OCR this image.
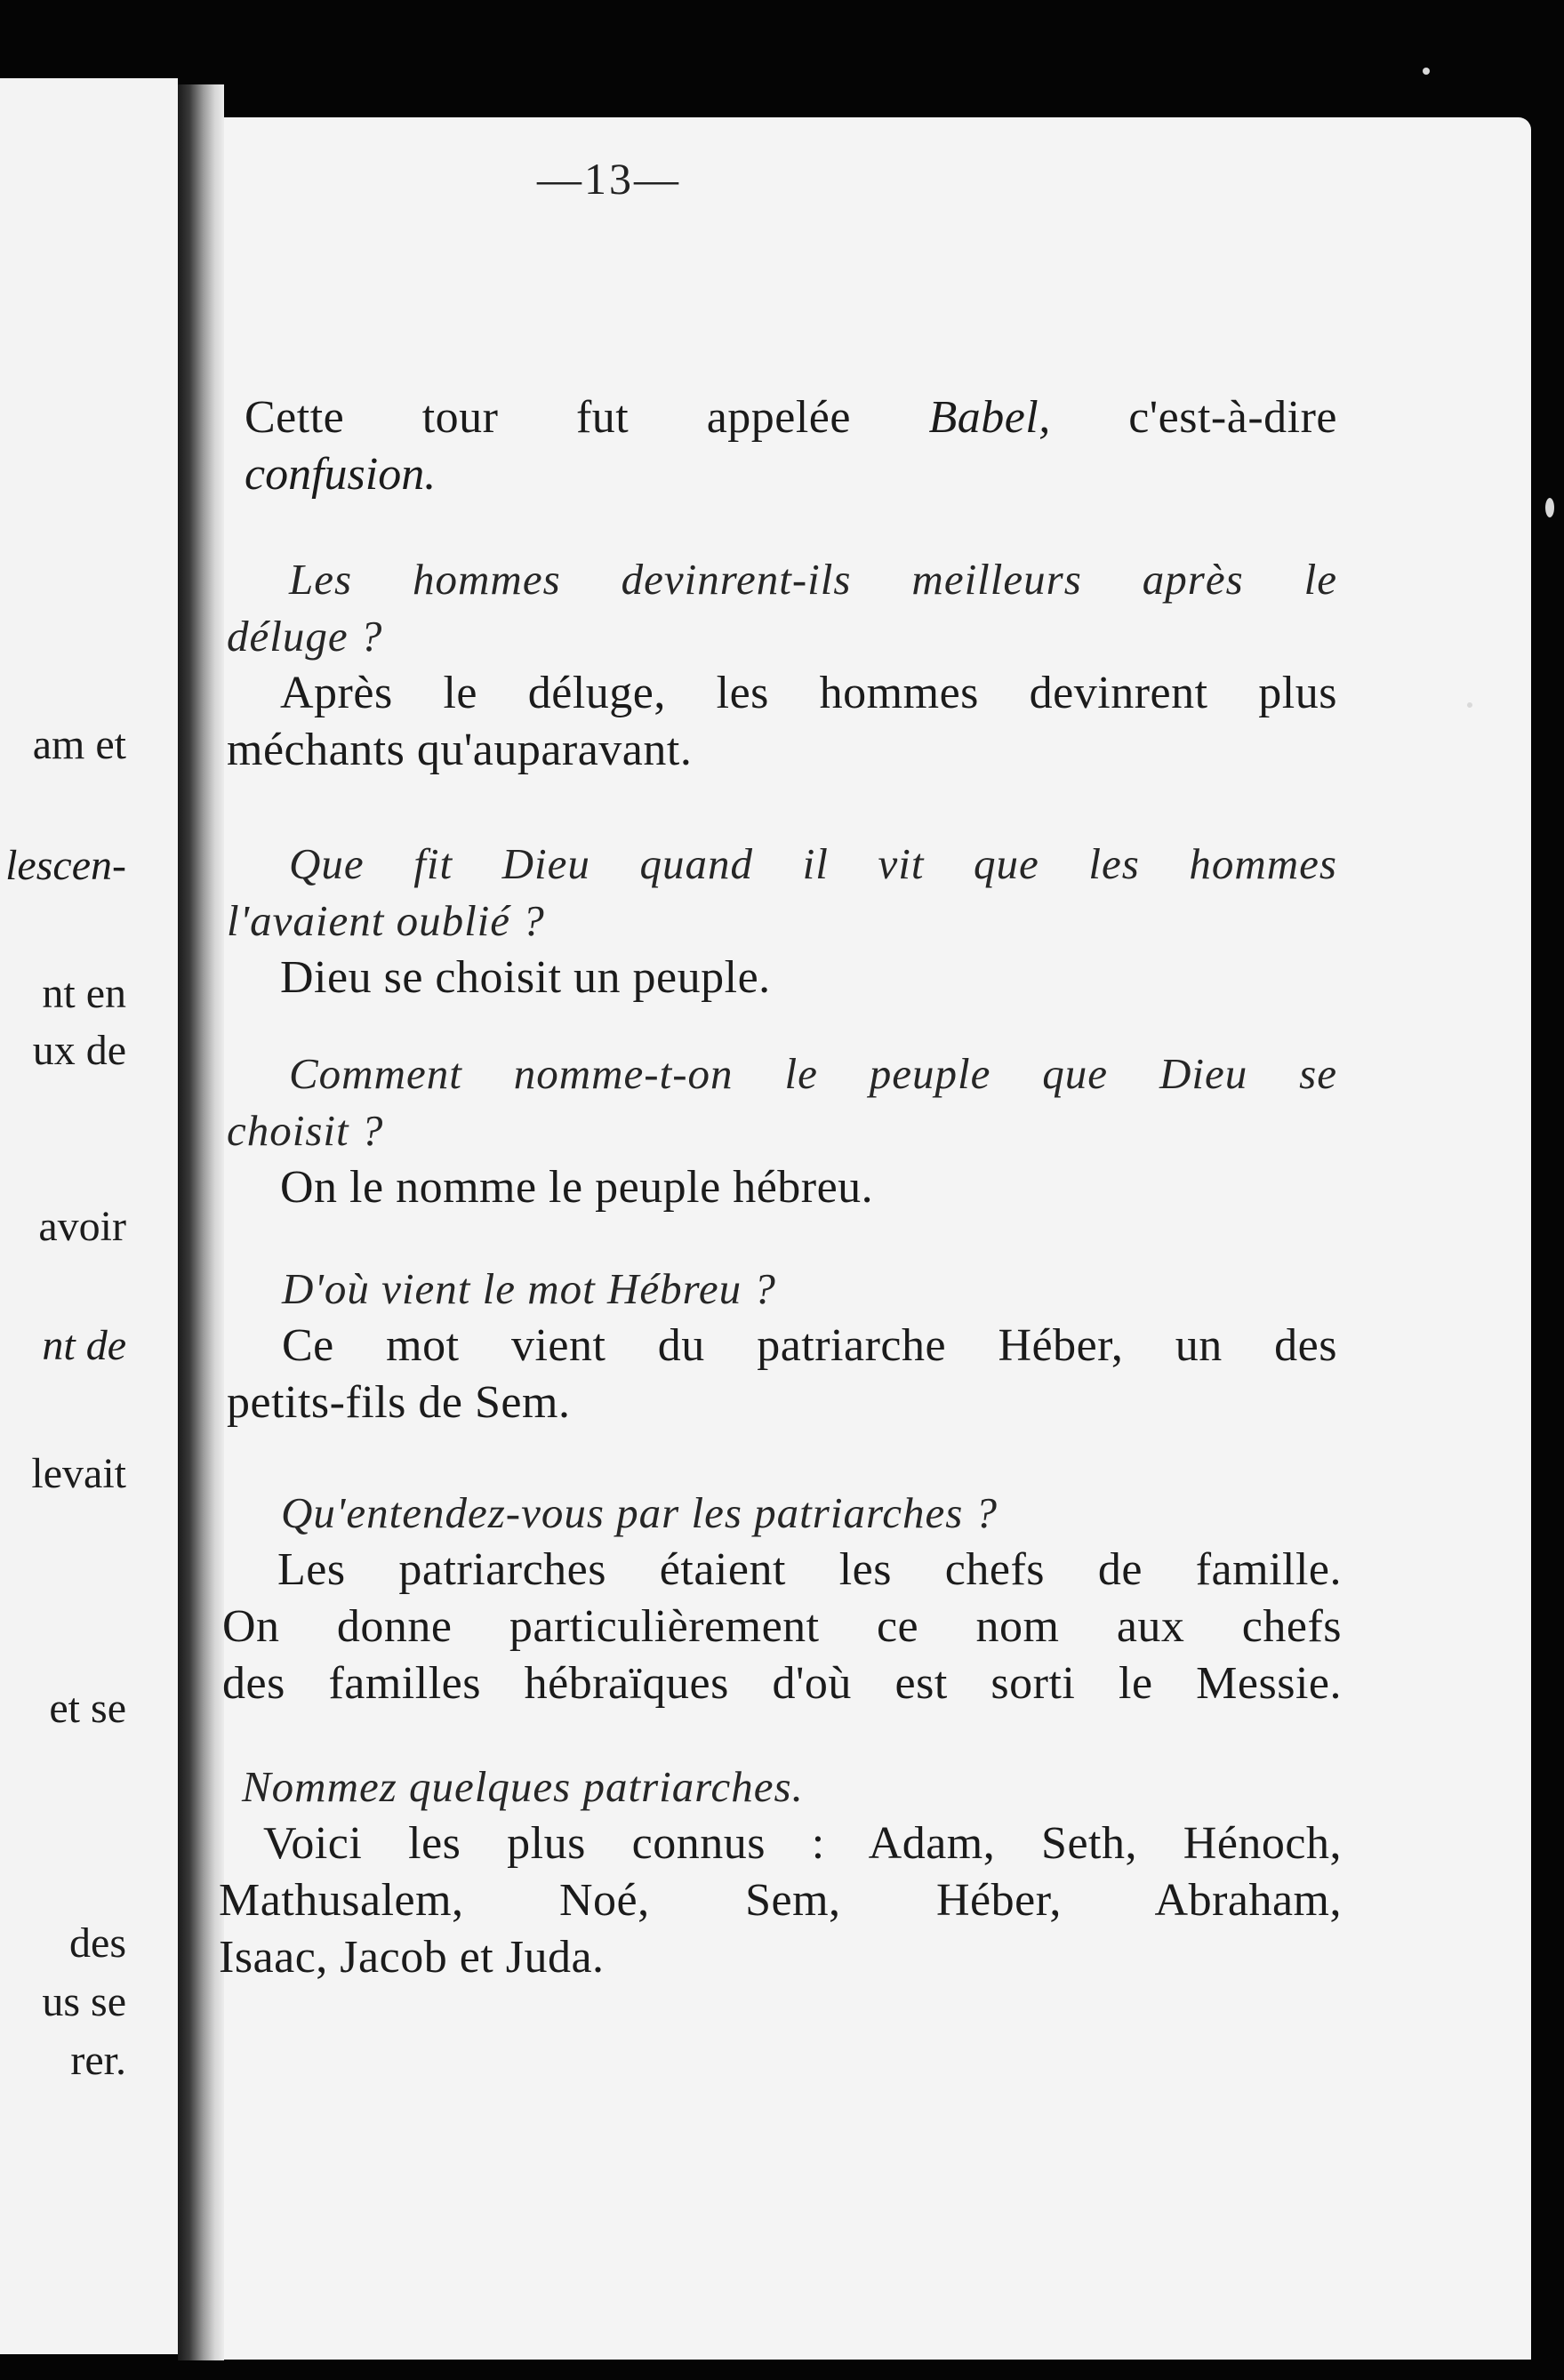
am et
lescen-
nt en
ux de
avoir
nt de
levait
et se
des
us se
rer.
—13—
Cette tour fut appelée Babel, c'est-à-dire
confusion.
Les hommes devinrent-ils meilleurs après le
déluge ?
Après le déluge, les hommes devinrent plus
méchants qu'auparavant.
Que fit Dieu quand il vit que les hommes
l'avaient oublié ?
Dieu se choisit un peuple.
Comment nomme-t-on le peuple que Dieu se
choisit ?
On le nomme le peuple hébreu.
D'où vient le mot Hébreu ?
Ce mot vient du patriarche Héber, un des
petits-fils de Sem.
Qu'entendez-vous par les patriarches ?
Les patriarches étaient les chefs de famille.
On donne particulièrement ce nom aux chefs
des familles hébraïques d'où est sorti le Messie.
Nommez quelques patriarches.
Voici les plus connus : Adam, Seth, Hénoch,
Mathusalem, Noé, Sem, Héber, Abraham,
Isaac, Jacob et Juda.
